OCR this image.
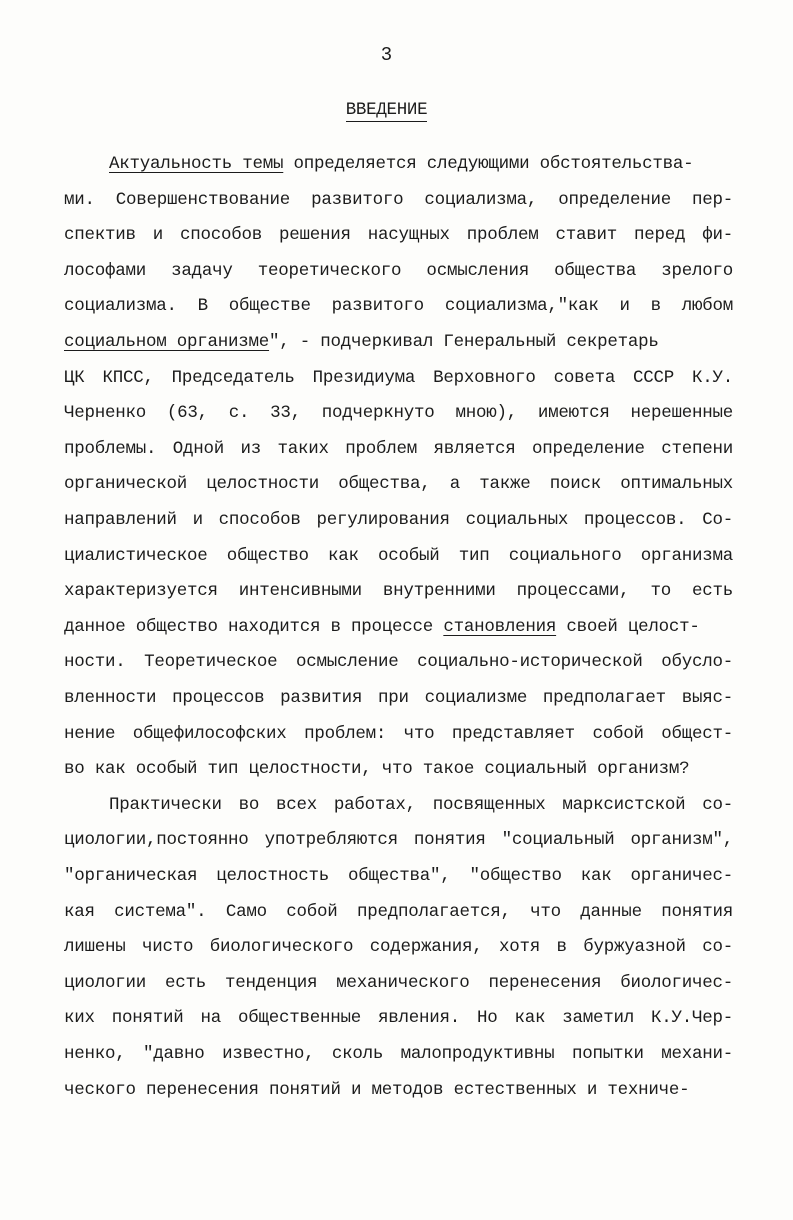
3
ВВЕДЕНИЕ
Актуальность темы определяется следующими обстоятельства-
ми. Совершенствование развитого социализма, определение пер-
спектив и способов решения насущных проблем ставит перед фи-
лософами задачу теоретического осмысления общества зрелого
социализма. В обществе развитого социализма,"как и в любом
социальном организме", - подчеркивал Генеральный секретарь
ЦК КПСС, Председатель Президиума Верховного совета СССР К.У.
Черненко (63, с. 33, подчеркнуто мною), имеются нерешенные
проблемы. Одной из таких проблем является определение степени
органической целостности общества, а также поиск оптимальных
направлений и способов регулирования социальных процессов. Со-
циалистическое общество как особый тип социального организма
характеризуется интенсивными внутренними процессами, то есть
данное общество находится в процессе становления своей целост-
ности. Теоретическое осмысление социально-исторической обусло-
вленности процессов развития при социализме предполагает выяс-
нение общефилософских проблем: что представляет собой общест-
во как особый тип целостности, что такое социальный организм?
Практически во всех работах, посвященных марксистской со-
циологии,постоянно употребляются понятия "социальный организм",
"органическая целостность общества", "общество как органичес-
кая система". Само собой предполагается, что данные понятия
лишены чисто биологического содержания, хотя в буржуазной со-
циологии есть тенденция механического перенесения биологичес-
ких понятий на общественные явления. Но как заметил К.У.Чер-
ненко, "давно известно, сколь малопродуктивны попытки механи-
ческого перенесения понятий и методов естественных и техниче-
